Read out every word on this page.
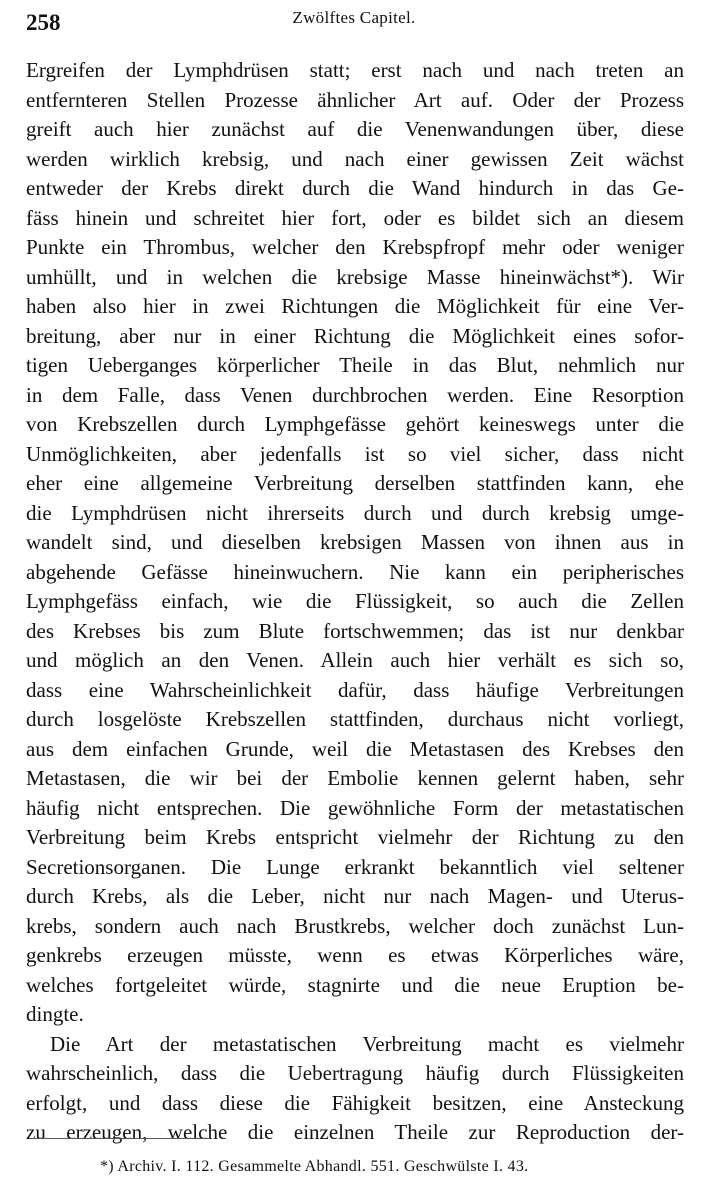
258	Zwölftes Capitel.
Ergreifen der Lymphdrüsen statt; erst nach und nach treten an
entfernteren Stellen Prozesse ähnlicher Art auf. Oder der Prozess
greift auch hier zunächst auf die Venenwandungen über, diese
werden wirklich krebsig, und nach einer gewissen Zeit wächst
entweder der Krebs direkt durch die Wand hindurch in das Ge-
fäss hinein und schreitet hier fort, oder es bildet sich an diesem
Punkte ein Thrombus, welcher den Krebspfropf mehr oder weniger
umhüllt, und in welchen die krebsige Masse hineinwächst*). Wir
haben also hier in zwei Richtungen die Möglichkeit für eine Ver-
breitung, aber nur in einer Richtung die Möglichkeit eines sofor-
tigen Ueberganges körperlicher Theile in das Blut, nehmlich nur
in dem Falle, dass Venen durchbrochen werden. Eine Resorption
von Krebszellen durch Lymphgefässe gehört keineswegs unter die
Unmöglichkeiten, aber jedenfalls ist so viel sicher, dass nicht
eher eine allgemeine Verbreitung derselben stattfinden kann, ehe
die Lymphdrüsen nicht ihrerseits durch und durch krebsig umge-
wandelt sind, und dieselben krebsigen Massen von ihnen aus in
abgehende Gefässe hineinwuchern. Nie kann ein peripherisches
Lymphgefäss einfach, wie die Flüssigkeit, so auch die Zellen
des Krebses bis zum Blute fortschwemmen; das ist nur denkbar
und möglich an den Venen. Allein auch hier verhält es sich so,
dass eine Wahrscheinlichkeit dafür, dass häufige Verbreitungen
durch losgelöste Krebszellen stattfinden, durchaus nicht vorliegt,
aus dem einfachen Grunde, weil die Metastasen des Krebses den
Metastasen, die wir bei der Embolie kennen gelernt haben, sehr
häufig nicht entsprechen. Die gewöhnliche Form der metastatischen
Verbreitung beim Krebs entspricht vielmehr der Richtung zu den
Secretionsorganen. Die Lunge erkrankt bekanntlich viel seltener
durch Krebs, als die Leber, nicht nur nach Magen- und Uterus-
krebs, sondern auch nach Brustkrebs, welcher doch zunächst Lun-
genkrebs erzeugen müsste, wenn es etwas Körperliches wäre,
welches fortgeleitet würde, stagnirte und die neue Eruption be-
dingte.
Die Art der metastatischen Verbreitung macht es vielmehr
wahrscheinlich, dass die Uebertragung häufig durch Flüssigkeiten
erfolgt, und dass diese die Fähigkeit besitzen, eine Ansteckung
zu erzeugen, welche die einzelnen Theile zur Reproduction der-
*) Archiv. I. 112. Gesammelte Abhandl. 551. Geschwülste I. 43.
